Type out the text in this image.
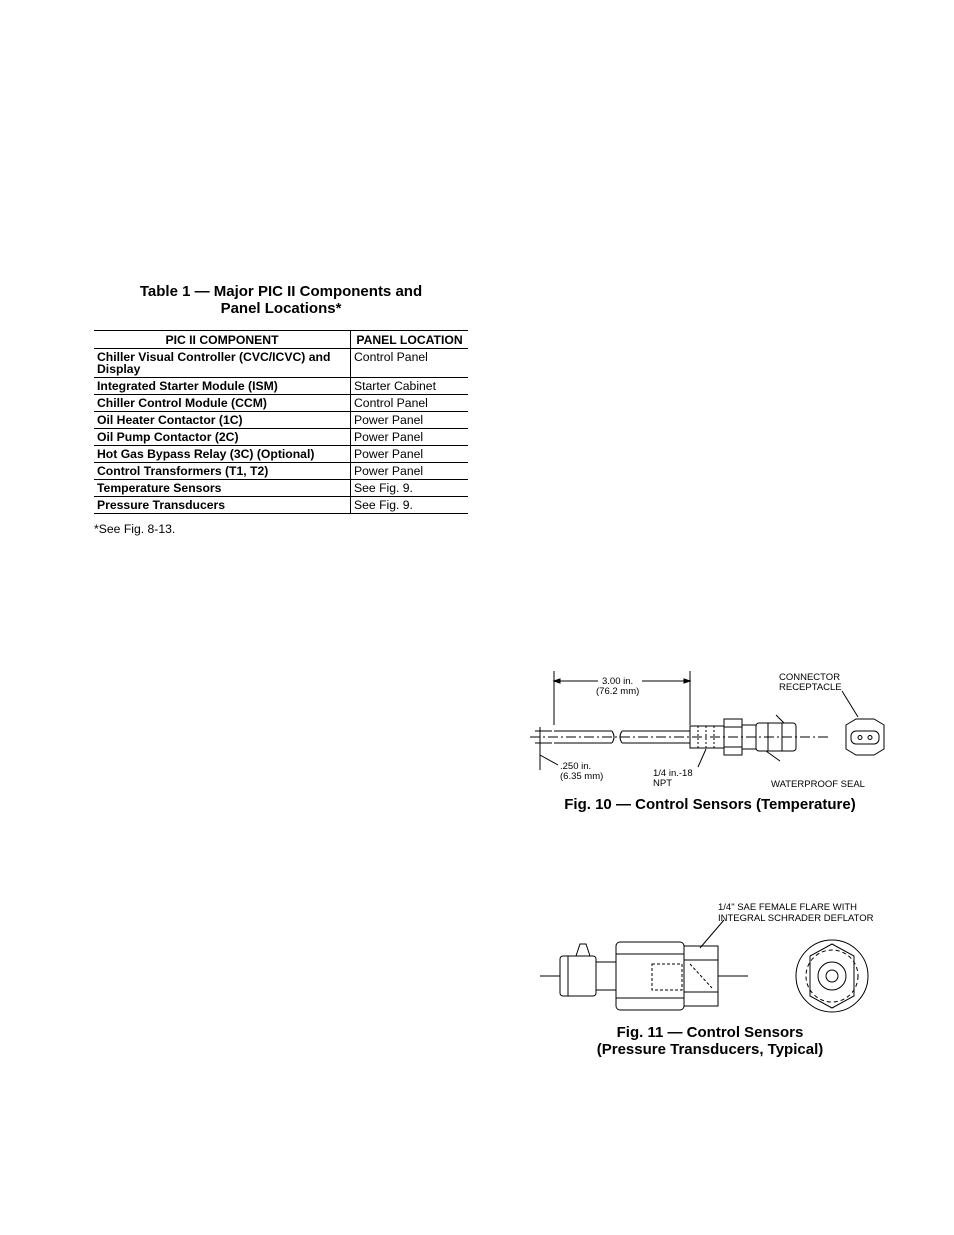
Table 1 — Major PIC II Components and
Panel Locations*
PIC II COMPONENT	PANEL LOCATION
Chiller Visual Controller (CVC/ICVC) and Display	Control Panel
Integrated Starter Module (ISM)	Starter Cabinet
Chiller Control Module (CCM)	Control Panel
Oil Heater Contactor (1C)	Power Panel
Oil Pump Contactor (2C)	Power Panel
Hot Gas Bypass Relay (3C) (Optional)	Power Panel
Control Transformers (T1, T2)	Power Panel
Temperature Sensors	See Fig. 9.
Pressure Transducers	See Fig. 9.
*See Fig. 8-13.
3.00 in.
(76.2 mm)
.250 in.
(6.35 mm)	1/4 in.-18
NPT
CONNECTOR
RECEPTACLE
WATERPROOF SEAL
Fig. 10 — Control Sensors (Temperature)
1/4" SAE FEMALE FLARE WITH
INTEGRAL SCHRADER DEFLATOR
Fig. 11 — Control Sensors
(Pressure Transducers, Typical)
